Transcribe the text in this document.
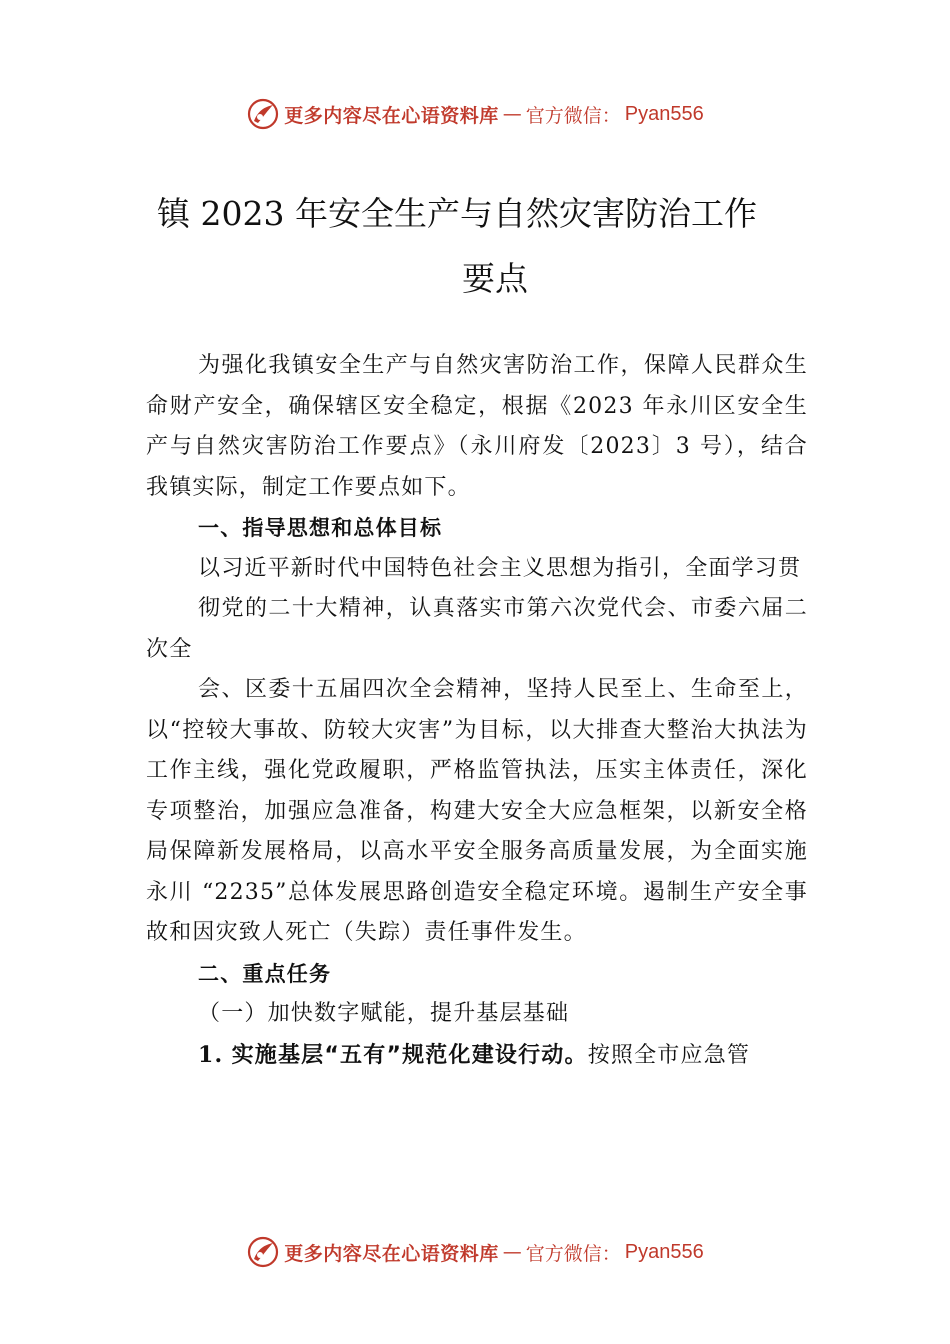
更多内容尽在心语资料库 — 官方微信： Pyan556
镇 2023 年安全生产与自然灾害防治工作
要点

为强化我镇安全生产与自然灾害防治工作，保障人民群众生命财产安全，确保辖区安全稳定，根据《2023 年永川区安全生产与自然灾害防治工作要点》（永川府发〔2023〕3 号），结合我镇实际，制定工作要点如下。

一、指导思想和总体目标

以习近平新时代中国特色社会主义思想为指引，全面学习贯

彻党的二十大精神，认真落实市第六次党代会、市委六届二次全

会、区委十五届四次全会精神，坚持人民至上、生命至上，以“控较大事故、防较大灾害”为目标，以大排查大整治大执法为工作主线，强化党政履职，严格监管执法，压实主体责任，深化专项整治，加强应急准备，构建大安全大应急框架，以新安全格局保障新发展格局，以高水平安全服务高质量发展，为全面实施永川 “2235”总体发展思路创造安全稳定环境。遏制生产安全事故和因灾致人死亡（失踪）责任事件发生。

二、重点任务

（一）加快数字赋能，提升基层基础

1. 实施基层“五有”规范化建设行动。按照全市应急管

更多内容尽在心语资料库 — 官方微信： Pyan556
